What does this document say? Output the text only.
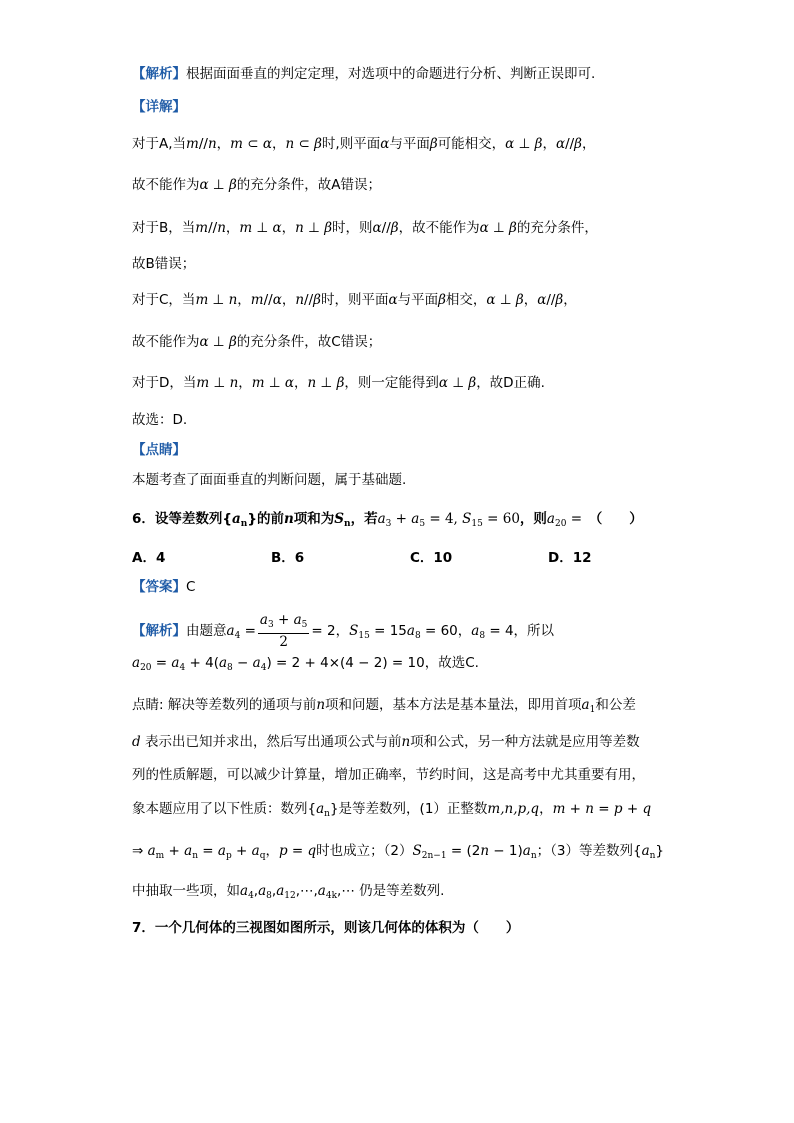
【解析】根据面面垂直的判定定理，对选项中的命题进行分析、判断正误即可.
【详解】
对于A,当m//n，m ⊂ α，n ⊂ β时,则平面α与平面β可能相交，α ⊥ β，α//β，
故不能作为α ⊥ β的充分条件，故A错误；
对于B，当m//n，m ⊥ α，n ⊥ β时，则α//β，故不能作为α ⊥ β的充分条件，
故B错误；
对于C，当m ⊥ n，m//α，n//β时，则平面α与平面β相交，α ⊥ β，α//β，
故不能作为α ⊥ β的充分条件，故C错误；
对于D，当m ⊥ n，m ⊥ α，n ⊥ β，则一定能得到α ⊥ β，故D正确.
故选：D.
【点睛】
本题考查了面面垂直的判断问题，属于基础题.
6．设等差数列$\{a_n\}$的前n项和为$S_n$，若$a_3 + a_5 = 4$, $S_{15} = 60$，则$a_{20}$ =　 （　　）
A．4	B．6	C．10	D．12
【答案】C
【解析】由题意$a_4 = \frac{a_3 + a_5}{2} = 2$，$S_{15} = 15a_8 = 60$，$a_8 = 4$，所以
$a_{20} = a_4 + 4(a_8 - a_4) = 2 + 4\times(4 - 2) = 10$，故选C.
点睛: 解决等差数列的通项与前n项和问题，基本方法是基本量法，即用首项$a_1$和公差
d 表示出已知并求出，然后写出通项公式与前n项和公式，另一种方法就是应用等差数
列的性质解题，可以减少计算量，增加正确率，节约时间，这是高考中尤其重要有用，
象本题应用了以下性质：数列$\{a_n\}$是等差数列，(1）正整数m,n,p,q，m + n = p + q
⇒ $a_m + a_n = a_p + a_q$，p = q时也成立；$(2)S_{2n-1} = (2n - 1)a_n$；（3）等差数列$\{a_n\}$
中抽取一些项，如$a_4,a_8,a_{12},\cdots,a_{4k},\cdots$ 仍是等差数列.
7．一个几何体的三视图如图所示，则该几何体的体积为（　　）
